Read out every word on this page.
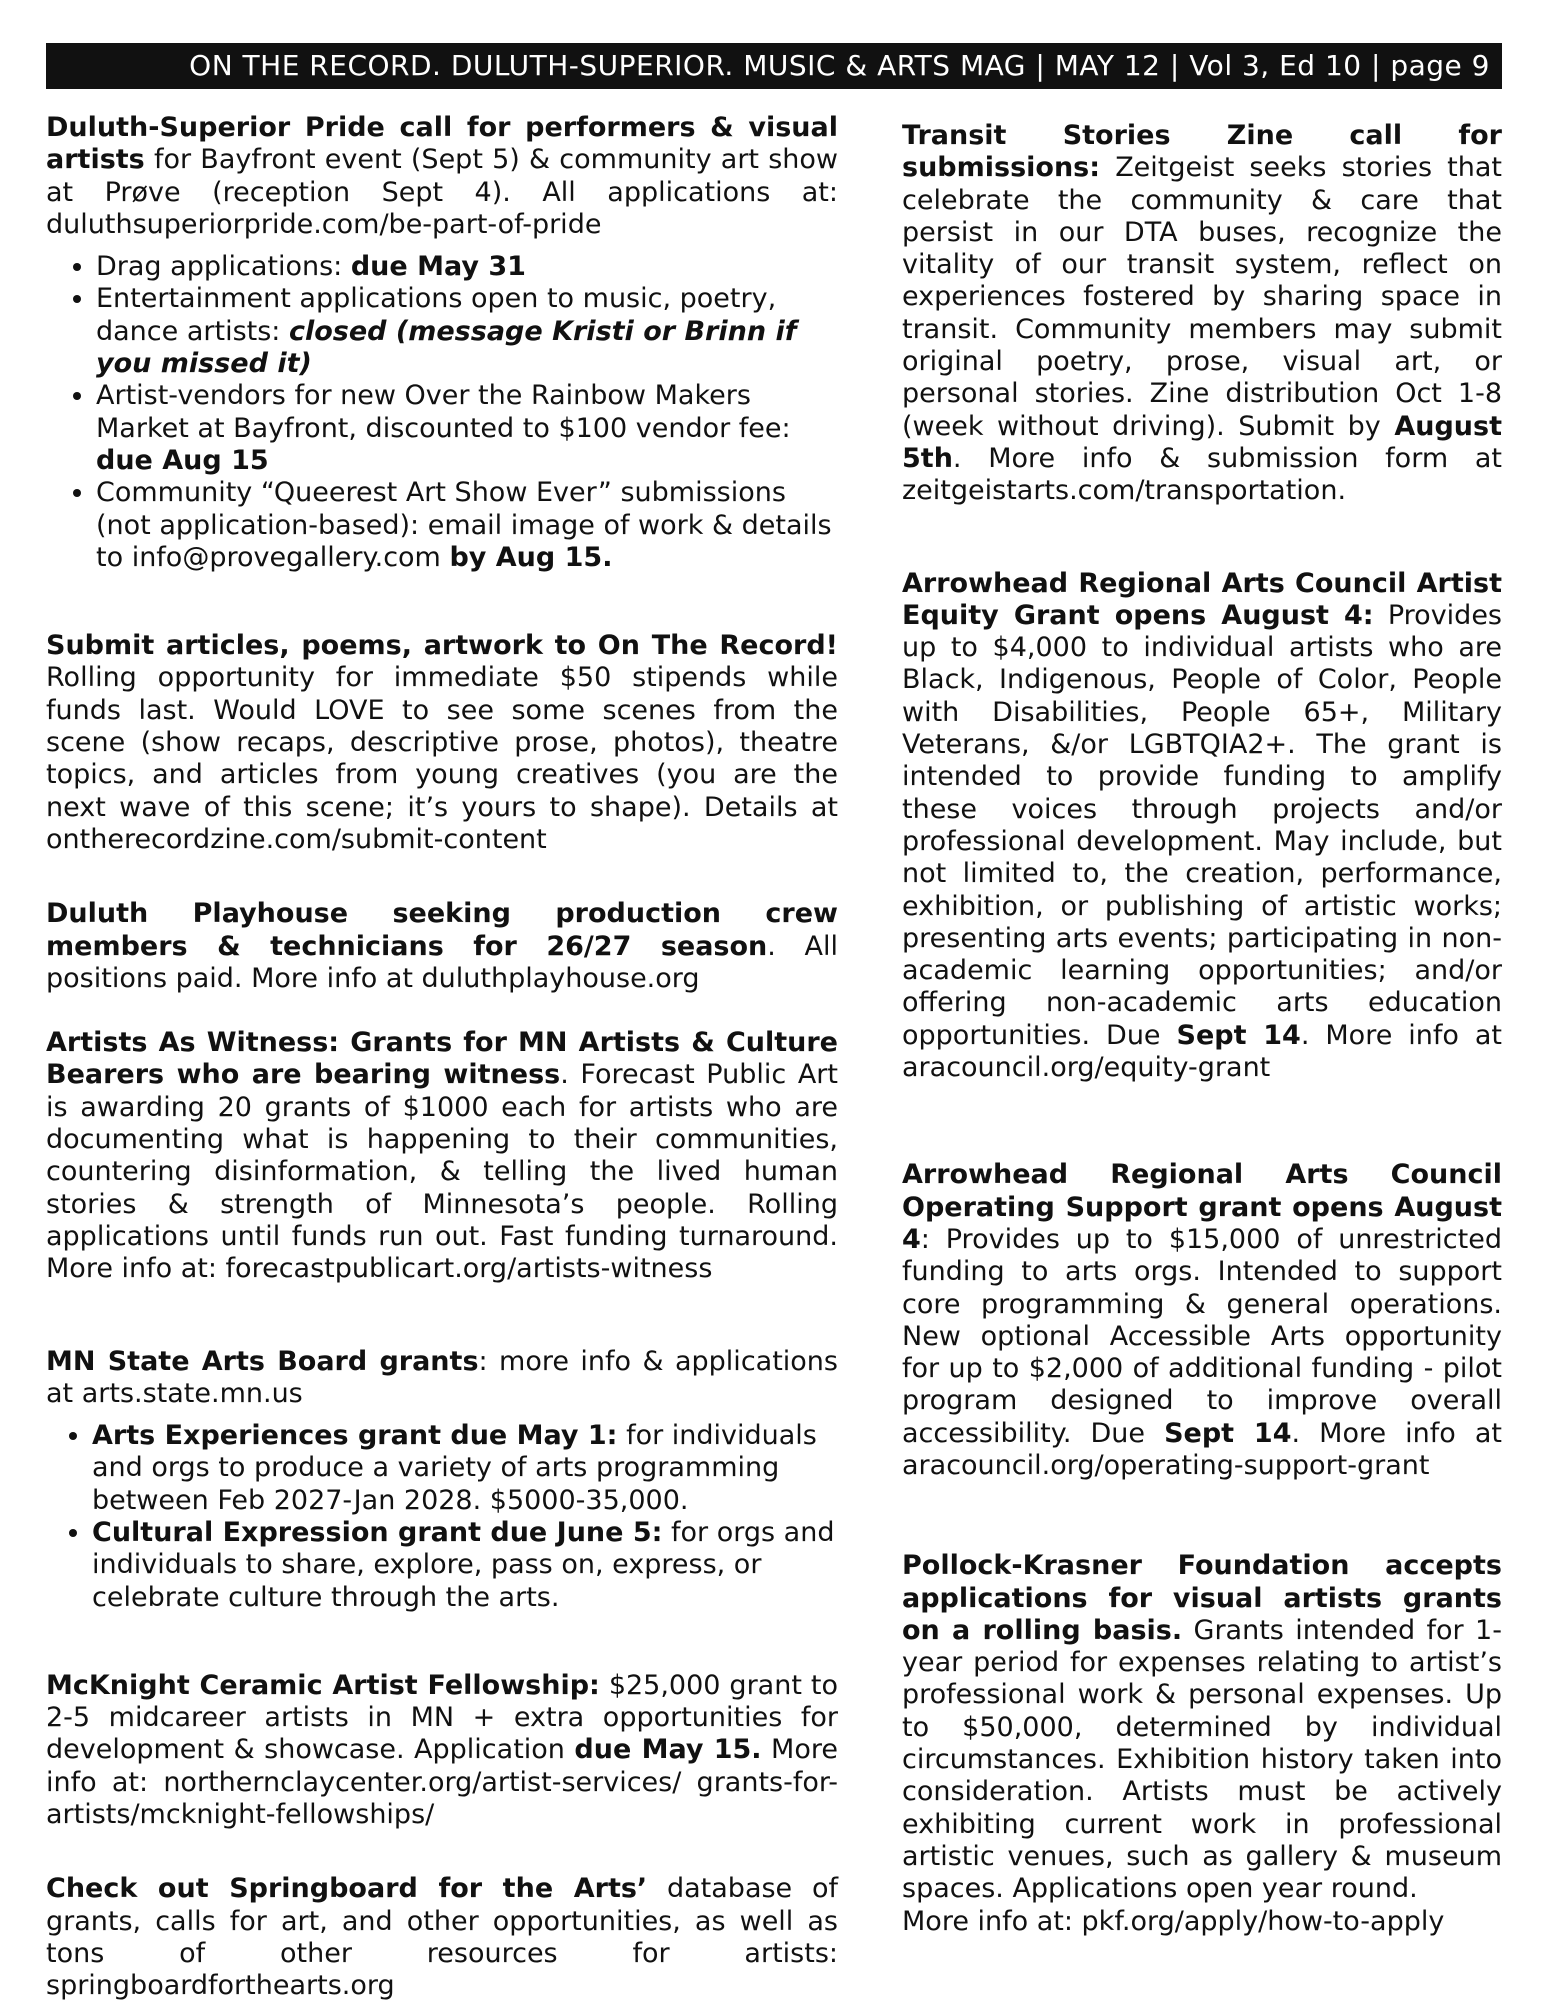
ON THE RECORD. DULUTH-SUPERIOR. MUSIC & ARTS MAG | MAY 12 | Vol 3, Ed 10 | page 9

Duluth-Superior Pride call for performers & visual artists for Bayfront event (Sept 5) & community art show at Prøve (reception Sept 4). All applications at: duluthsuperiorpride.com/be-part-of-pride

• Drag applications: due May 31
• Entertainment applications open to music, poetry, dance artists: closed (message Kristi or Brinn if you missed it)
• Artist-vendors for new Over the Rainbow Makers Market at Bayfront, discounted to $100 vendor fee: due Aug 15
• Community “Queerest Art Show Ever” submissions (not application-based): email image of work & details to info@provegallery.com by Aug 15.

Submit articles, poems, artwork to On The Record! Rolling opportunity for immediate $50 stipends while funds last. Would LOVE to see some scenes from the scene (show recaps, descriptive prose, photos), theatre topics, and articles from young creatives (you are the next wave of this scene; it’s yours to shape). Details at ontherecordzine.com/submit-content

Duluth Playhouse seeking production crew members & technicians for 26/27 season. All positions paid. More info at duluthplayhouse.org

Artists As Witness: Grants for MN Artists & Culture Bearers who are bearing witness. Forecast Public Art is awarding 20 grants of $1000 each for artists who are documenting what is happening to their communities, countering disinformation, & telling the lived human stories & strength of Minnesota’s people. Rolling applications until funds run out. Fast funding turnaround. More info at: forecastpublicart.org/artists-witness

MN State Arts Board grants: more info & applications at arts.state.mn.us

• Arts Experiences grant due May 1: for individuals and orgs to produce a variety of arts programming between Feb 2027-Jan 2028. $5000-35,000.
• Cultural Expression grant due June 5: for orgs and individuals to share, explore, pass on, express, or celebrate culture through the arts.

McKnight Ceramic Artist Fellowship: $25,000 grant to 2-5 midcareer artists in MN + extra opportunities for development & showcase. Application due May 15. More info at: northernclaycenter.org/artist-services/ grants-for-artists/mcknight-fellowships/

Check out Springboard for the Arts’ database of grants, calls for art, and other opportunities, as well as tons of other resources for artists: springboardforthearts.org

Transit Stories Zine call for submissions: Zeitgeist seeks stories that celebrate the community & care that persist in our DTA buses, recognize the vitality of our transit system, reflect on experiences fostered by sharing space in transit. Community members may submit original poetry, prose, visual art, or personal stories. Zine distribution Oct 1-8 (week without driving). Submit by August 5th. More info & submission form at zeitgeistarts.com/transportation.

Arrowhead Regional Arts Council Artist Equity Grant opens August 4: Provides up to $4,000 to individual artists who are Black, Indigenous, People of Color, People with Disabilities, People 65+, Military Veterans, &/or LGBTQIA2+. The grant is intended to provide funding to amplify these voices through projects and/or professional development. May include, but not limited to, the creation, performance, exhibition, or publishing of artistic works; presenting arts events; participating in non-academic learning opportunities; and/or offering non-academic arts education opportunities. Due Sept 14. More info at aracouncil.org/equity-grant

Arrowhead Regional Arts Council Operating Support grant opens August 4: Provides up to $15,000 of unrestricted funding to arts orgs. Intended to support core programming & general operations. New optional Accessible Arts opportunity for up to $2,000 of additional funding - pilot program designed to improve overall accessibility. Due Sept 14. More info at aracouncil.org/operating-support-grant

Pollock-Krasner Foundation accepts applications for visual artists grants on a rolling basis. Grants intended for 1-year period for expenses relating to artist’s professional work & personal expenses. Up to $50,000, determined by individual circumstances. Exhibition history taken into consideration. Artists must be actively exhibiting current work in professional artistic venues, such as gallery & museum spaces. Applications open year round.

More info at: pkf.org/apply/how-to-apply
